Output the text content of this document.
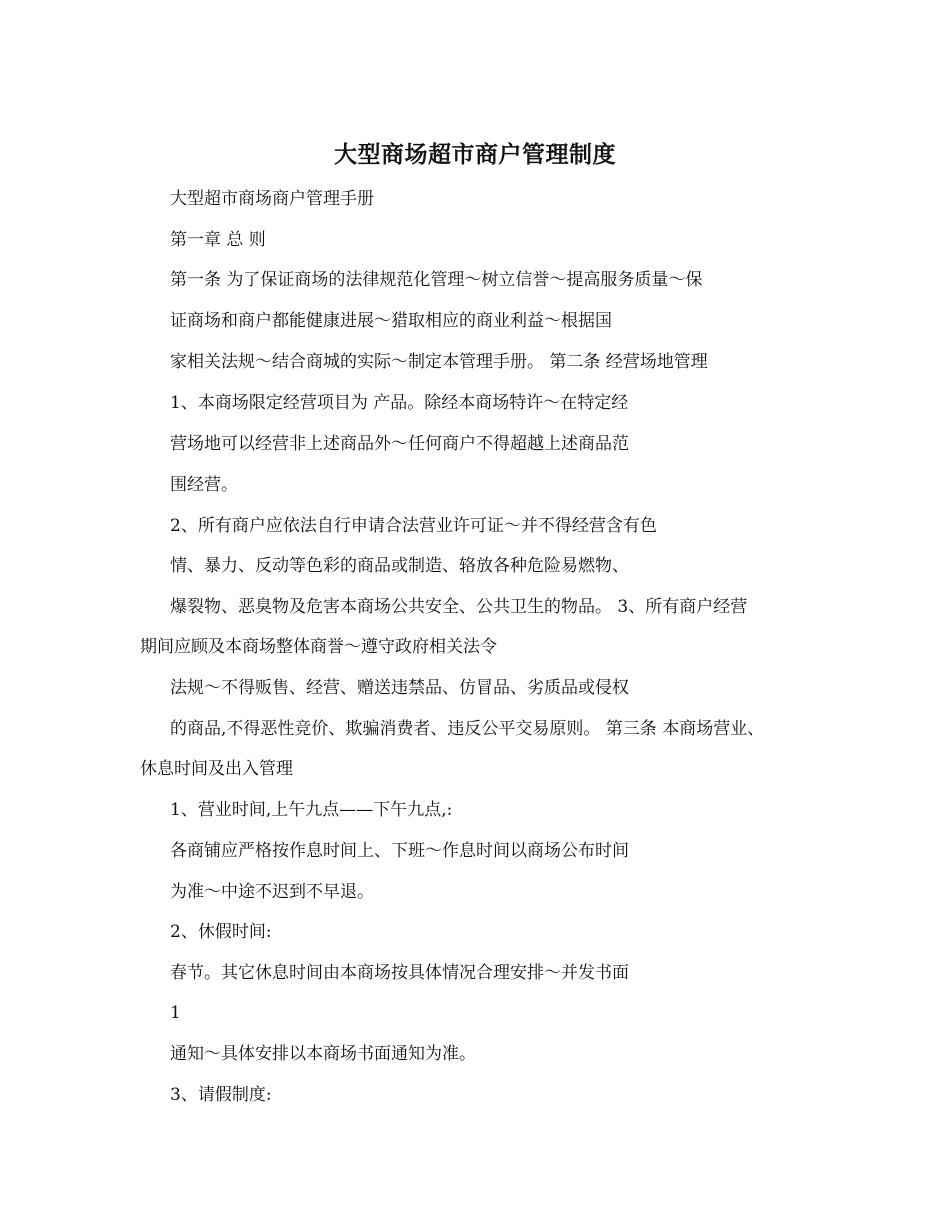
大型商场超市商户管理制度

大型超市商场商户管理手册

第一章 总 则

第一条 为了保证商场的法律规范化管理～树立信誉～提高服务质量～保

证商场和商户都能健康进展～猎取相应的商业利益～根据国

家相关法规～结合商城的实际～制定本管理手册。 第二条 经营场地管理

1、本商场限定经营项目为 产品。除经本商场特许～在特定经

营场地可以经营非上述商品外～任何商户不得超越上述商品范

围经营。

2、所有商户应依法自行申请合法营业许可证～并不得经营含有色

情、暴力、反动等色彩的商品或制造、辂放各种危险易燃物、

爆裂物、恶臭物及危害本商场公共安全、公共卫生的物品。 3、所有商户经营

期间应顾及本商场整体商誉～遵守政府相关法令

法规～不得贩售、经营、赠送违禁品、仿冒品、劣质品或侵权

的商品,不得恶性竞价、欺骗消费者、违反公平交易原则。 第三条 本商场营业、

休息时间及出入管理

1、营业时间,上午九点——下午九点,:

各商铺应严格按作息时间上、下班～作息时间以商场公布时间

为准～中途不迟到不早退。

2、休假时间:

春节。其它休息时间由本商场按具体情况合理安排～并发书面

1

通知～具体安排以本商场书面通知为准。

3、请假制度:
